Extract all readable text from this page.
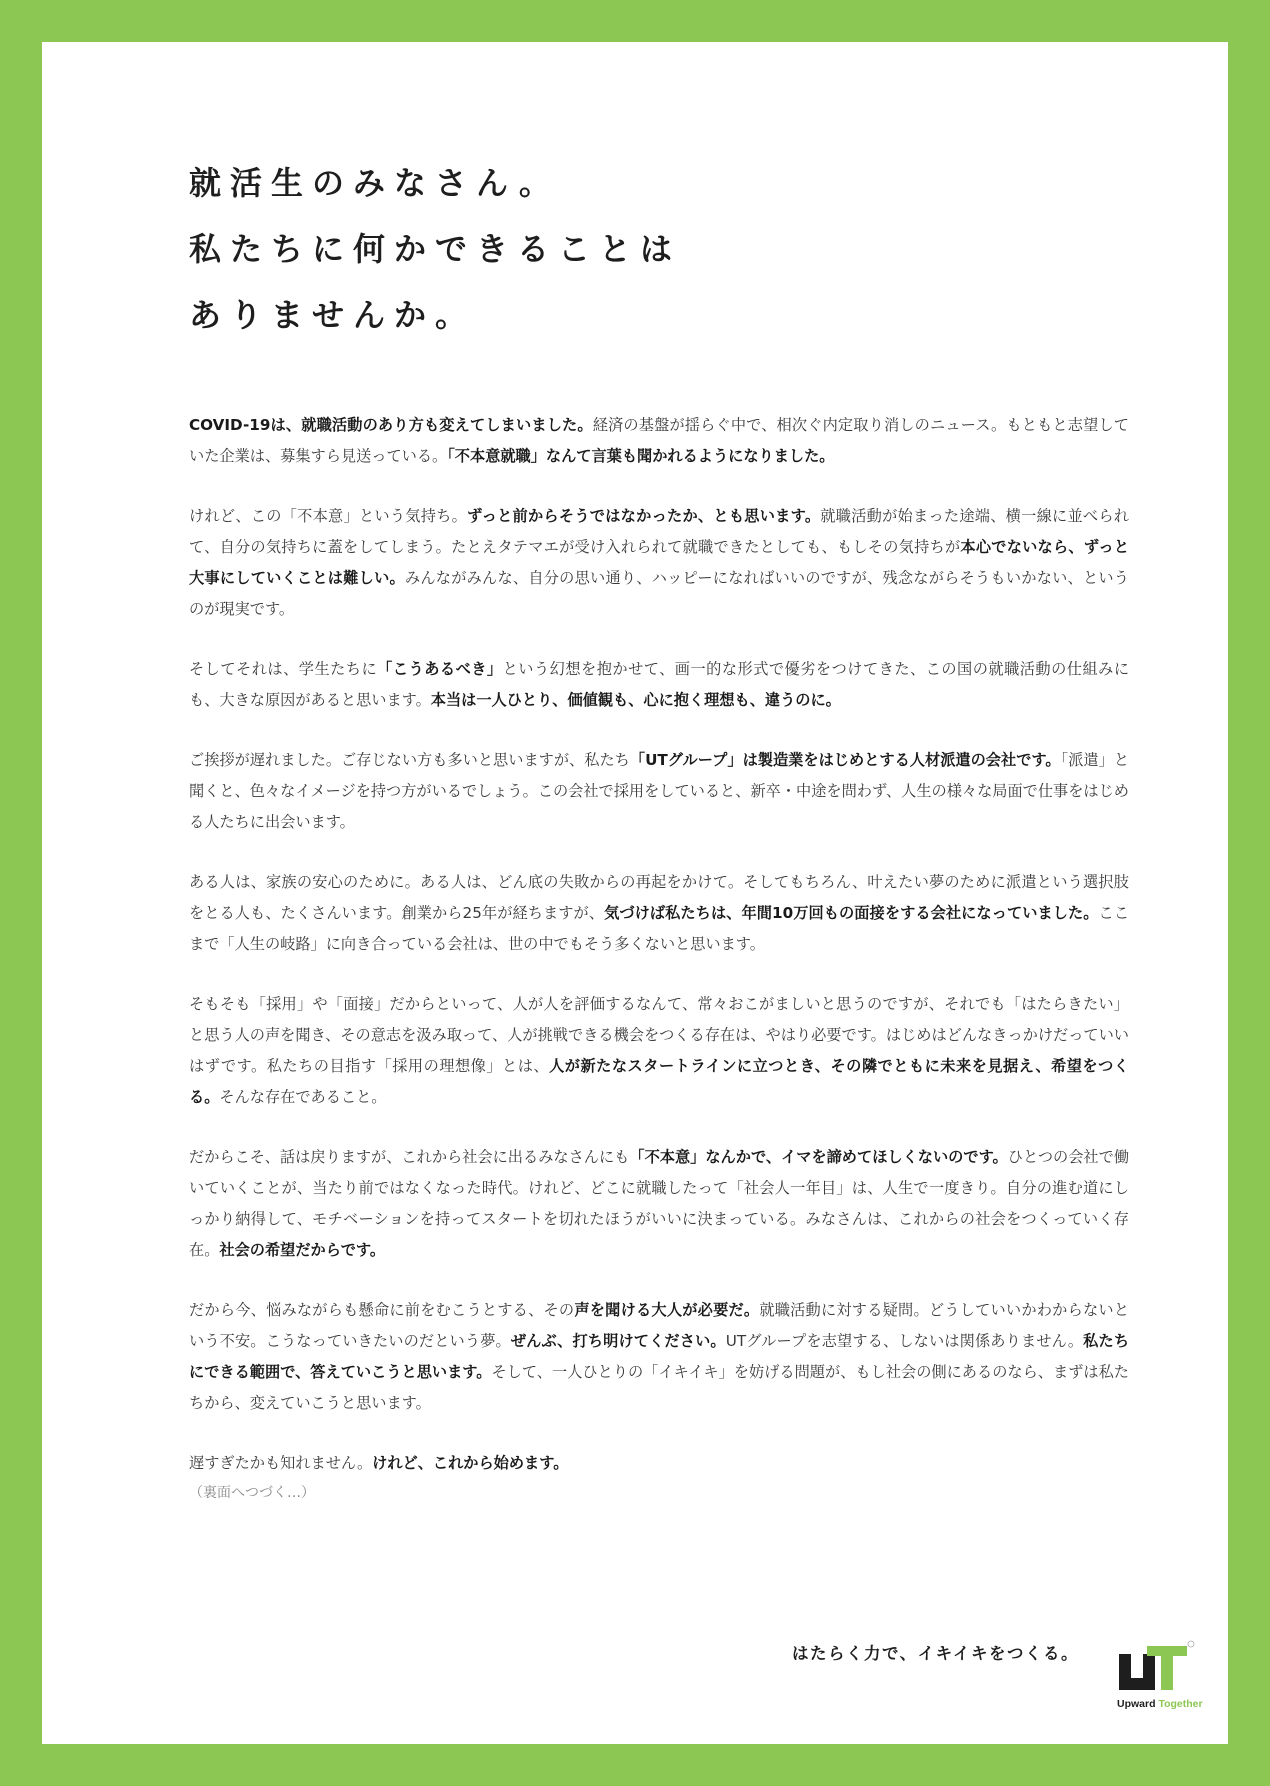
就活生のみなさん。
私たちに何かできることは
ありませんか。

COVID-19は、就職活動のあり方も変えてしまいました。経済の基盤が揺らぐ中で、相次ぐ内定取り消しのニュース。もともと志望していた企業は、募集すら見送っている。「不本意就職」なんて言葉も聞かれるようになりました。

けれど、この「不本意」という気持ち。ずっと前からそうではなかったか、とも思います。就職活動が始まった途端、横一線に並べられて、自分の気持ちに蓋をしてしまう。たとえタテマエが受け入れられて就職できたとしても、もしその気持ちが本心でないなら、ずっと大事にしていくことは難しい。みんながみんな、自分の思い通り、ハッピーになればいいのですが、残念ながらそうもいかない、というのが現実です。

そしてそれは、学生たちに「こうあるべき」という幻想を抱かせて、画一的な形式で優劣をつけてきた、この国の就職活動の仕組みにも、大きな原因があると思います。本当は一人ひとり、価値観も、心に抱く理想も、違うのに。

ご挨拶が遅れました。ご存じない方も多いと思いますが、私たち「UTグループ」は製造業をはじめとする人材派遣の会社です。「派遣」と聞くと、色々なイメージを持つ方がいるでしょう。この会社で採用をしていると、新卒・中途を問わず、人生の様々な局面で仕事をはじめる人たちに出会います。

ある人は、家族の安心のために。ある人は、どん底の失敗からの再起をかけて。そしてもちろん、叶えたい夢のために派遣という選択肢をとる人も、たくさんいます。創業から25年が経ちますが、気づけば私たちは、年間10万回もの面接をする会社になっていました。ここまで「人生の岐路」に向き合っている会社は、世の中でもそう多くないと思います。

そもそも「採用」や「面接」だからといって、人が人を評価するなんて、常々おこがましいと思うのですが、それでも「はたらきたい」と思う人の声を聞き、その意志を汲み取って、人が挑戦できる機会をつくる存在は、やはり必要です。はじめはどんなきっかけだっていいはずです。私たちの目指す「採用の理想像」とは、人が新たなスタートラインに立つとき、その隣でともに未来を見据え、希望をつくる。そんな存在であること。

だからこそ、話は戻りますが、これから社会に出るみなさんにも「不本意」なんかで、イマを諦めてほしくないのです。ひとつの会社で働いていくことが、当たり前ではなくなった時代。けれど、どこに就職したって「社会人一年目」は、人生で一度きり。自分の進む道にしっかり納得して、モチベーションを持ってスタートを切れたほうがいいに決まっている。みなさんは、これからの社会をつくっていく存在。社会の希望だからです。

だから今、悩みながらも懸命に前をむこうとする、その声を聞ける大人が必要だ。就職活動に対する疑問。どうしていいかわからないという不安。こうなっていきたいのだという夢。ぜんぶ、打ち明けてください。UTグループを志望する、しないは関係ありません。私たちにできる範囲で、答えていこうと思います。そして、一人ひとりの「イキイキ」を妨げる問題が、もし社会の側にあるのなら、まずは私たちから、変えていこうと思います。

遅すぎたかも知れません。けれど、これから始めます。

（裏面へつづく…）

はたらく力で、イキイキをつくる。
Upward Together
